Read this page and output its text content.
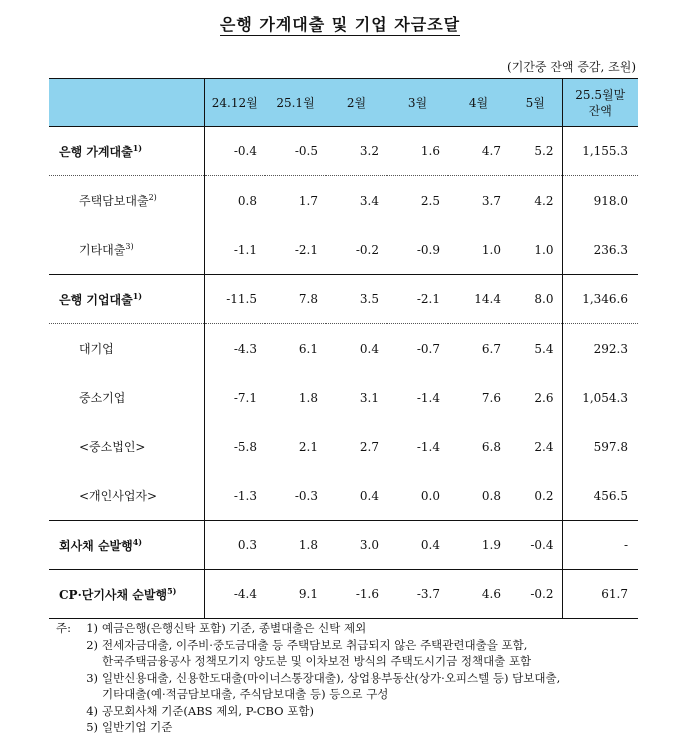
은행 가계대출 및 기업 자금조달
(기간중 잔액 증감, 조원)
	24.12월	25.1월	2월	3월	4월	5월	25.5월말
잔액
은행 가계대출$^{1)}$	-0.4	-0.5	3.2	1.6	4.7	5.2	1,155.3
주택담보대출$^{2)}$	0.8	1.7	3.4	2.5	3.7	4.2	918.0
기타대출$^{3)}$	-1.1	-2.1	-0.2	-0.9	1.0	1.0	236.3
은행 기업대출$^{1)}$	-11.5	7.8	3.5	-2.1	14.4	8.0	1,346.6
대기업	-4.3	6.1	0.4	-0.7	6.7	5.4	292.3
중소기업	-7.1	1.8	3.1	-1.4	7.6	2.6	1,054.3
<중소법인>	-5.8	2.1	2.7	-1.4	6.8	2.4	597.8
<개인사업자>	-1.3	-0.3	0.4	0.0	0.8	0.2	456.5
회사채 순발행$^{4)}$	0.3	1.8	3.0	0.4	1.9	-0.4	-
CP·단기사채 순발행$^{5)}$	-4.4	9.1	-1.6	-3.7	4.6	-0.2	61.7
주:	1) 예금은행(은행신탁 포함) 기준, 종별대출은 신탁 제외
2) 전세자금대출, 이주비·중도금대출 등 주택담보로 취급되지 않은 주택관련대출을 포함,
한국주택금융공사 정책모기지 양도분 및 이차보전 방식의 주택도시기금 정책대출 포함
3) 일반신용대출, 신용한도대출(마이너스통장대출), 상업용부동산(상가·오피스텔 등) 담보대출,
기타대출(예·적금담보대출, 주식담보대출 등) 등으로 구성
4) 공모회사채 기준(ABS 제외, P-CBO 포함)
5) 일반기업 기준
